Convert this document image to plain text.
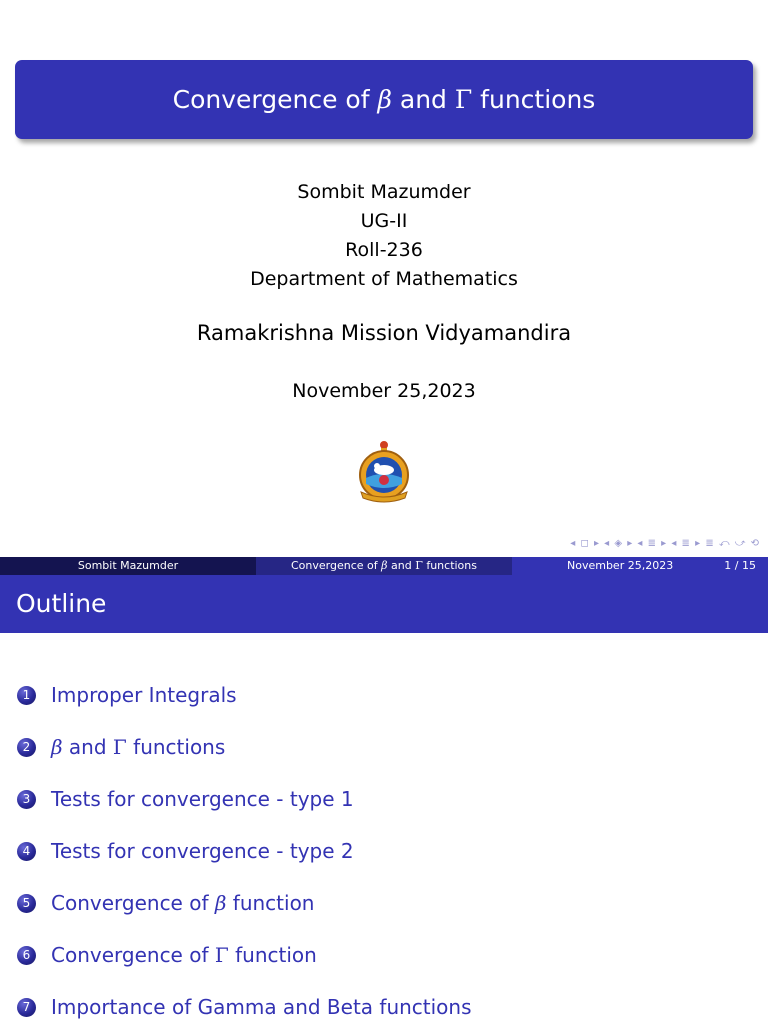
Convergence of β and Γ functions
Sombit Mazumder
UG-II
Roll-236
Department of Mathematics
Ramakrishna Mission Vidyamandira
November 25,2023
◂ ◻ ▸ ◂ ◈ ▸ ◂ ≣ ▸ ◂ ≣ ▸ ≣ ⤺ ⤻ ⟲
Sombit Mazumder	Convergence of β and Γ functions	November 25,2023	1 / 15
Outline
1 Improper Integrals
2 β and Γ functions
3 Tests for convergence - type 1
4 Tests for convergence - type 2
5 Convergence of β function
6 Convergence of Γ function
7 Importance of Gamma and Beta functions
